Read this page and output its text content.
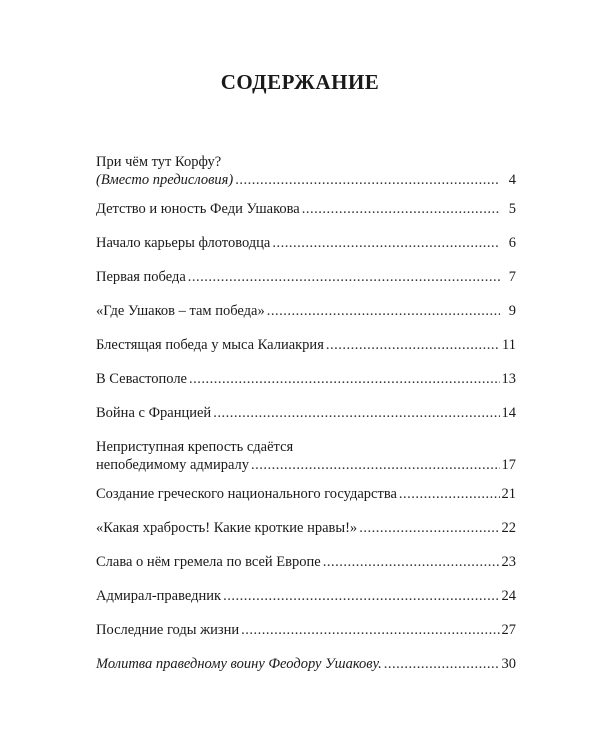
СОДЕРЖАНИЕ
При чём тут Корфу?
(Вместо предисловия) .....	4
Детство и юность Феди Ушакова .....	5
Начало карьеры флотоводца .....	6
Первая победа .....	7
«Где Ушаков – там победа» .....	9
Блестящая победа у мыса Калиакрия .....	11
В Севастополе .....	13
Война с Францией .....	14
Неприступная крепость сдаётся
непобедимому адмиралу .....	17
Создание греческого национального государства .....	21
«Какая храбрость! Какие кроткие нравы!» .....	22
Слава о нём гремела по всей Европе .....	23
Адмирал-праведник .....	24
Последние годы жизни .....	27
Молитва праведному воину Феодору Ушакову. .....	30
